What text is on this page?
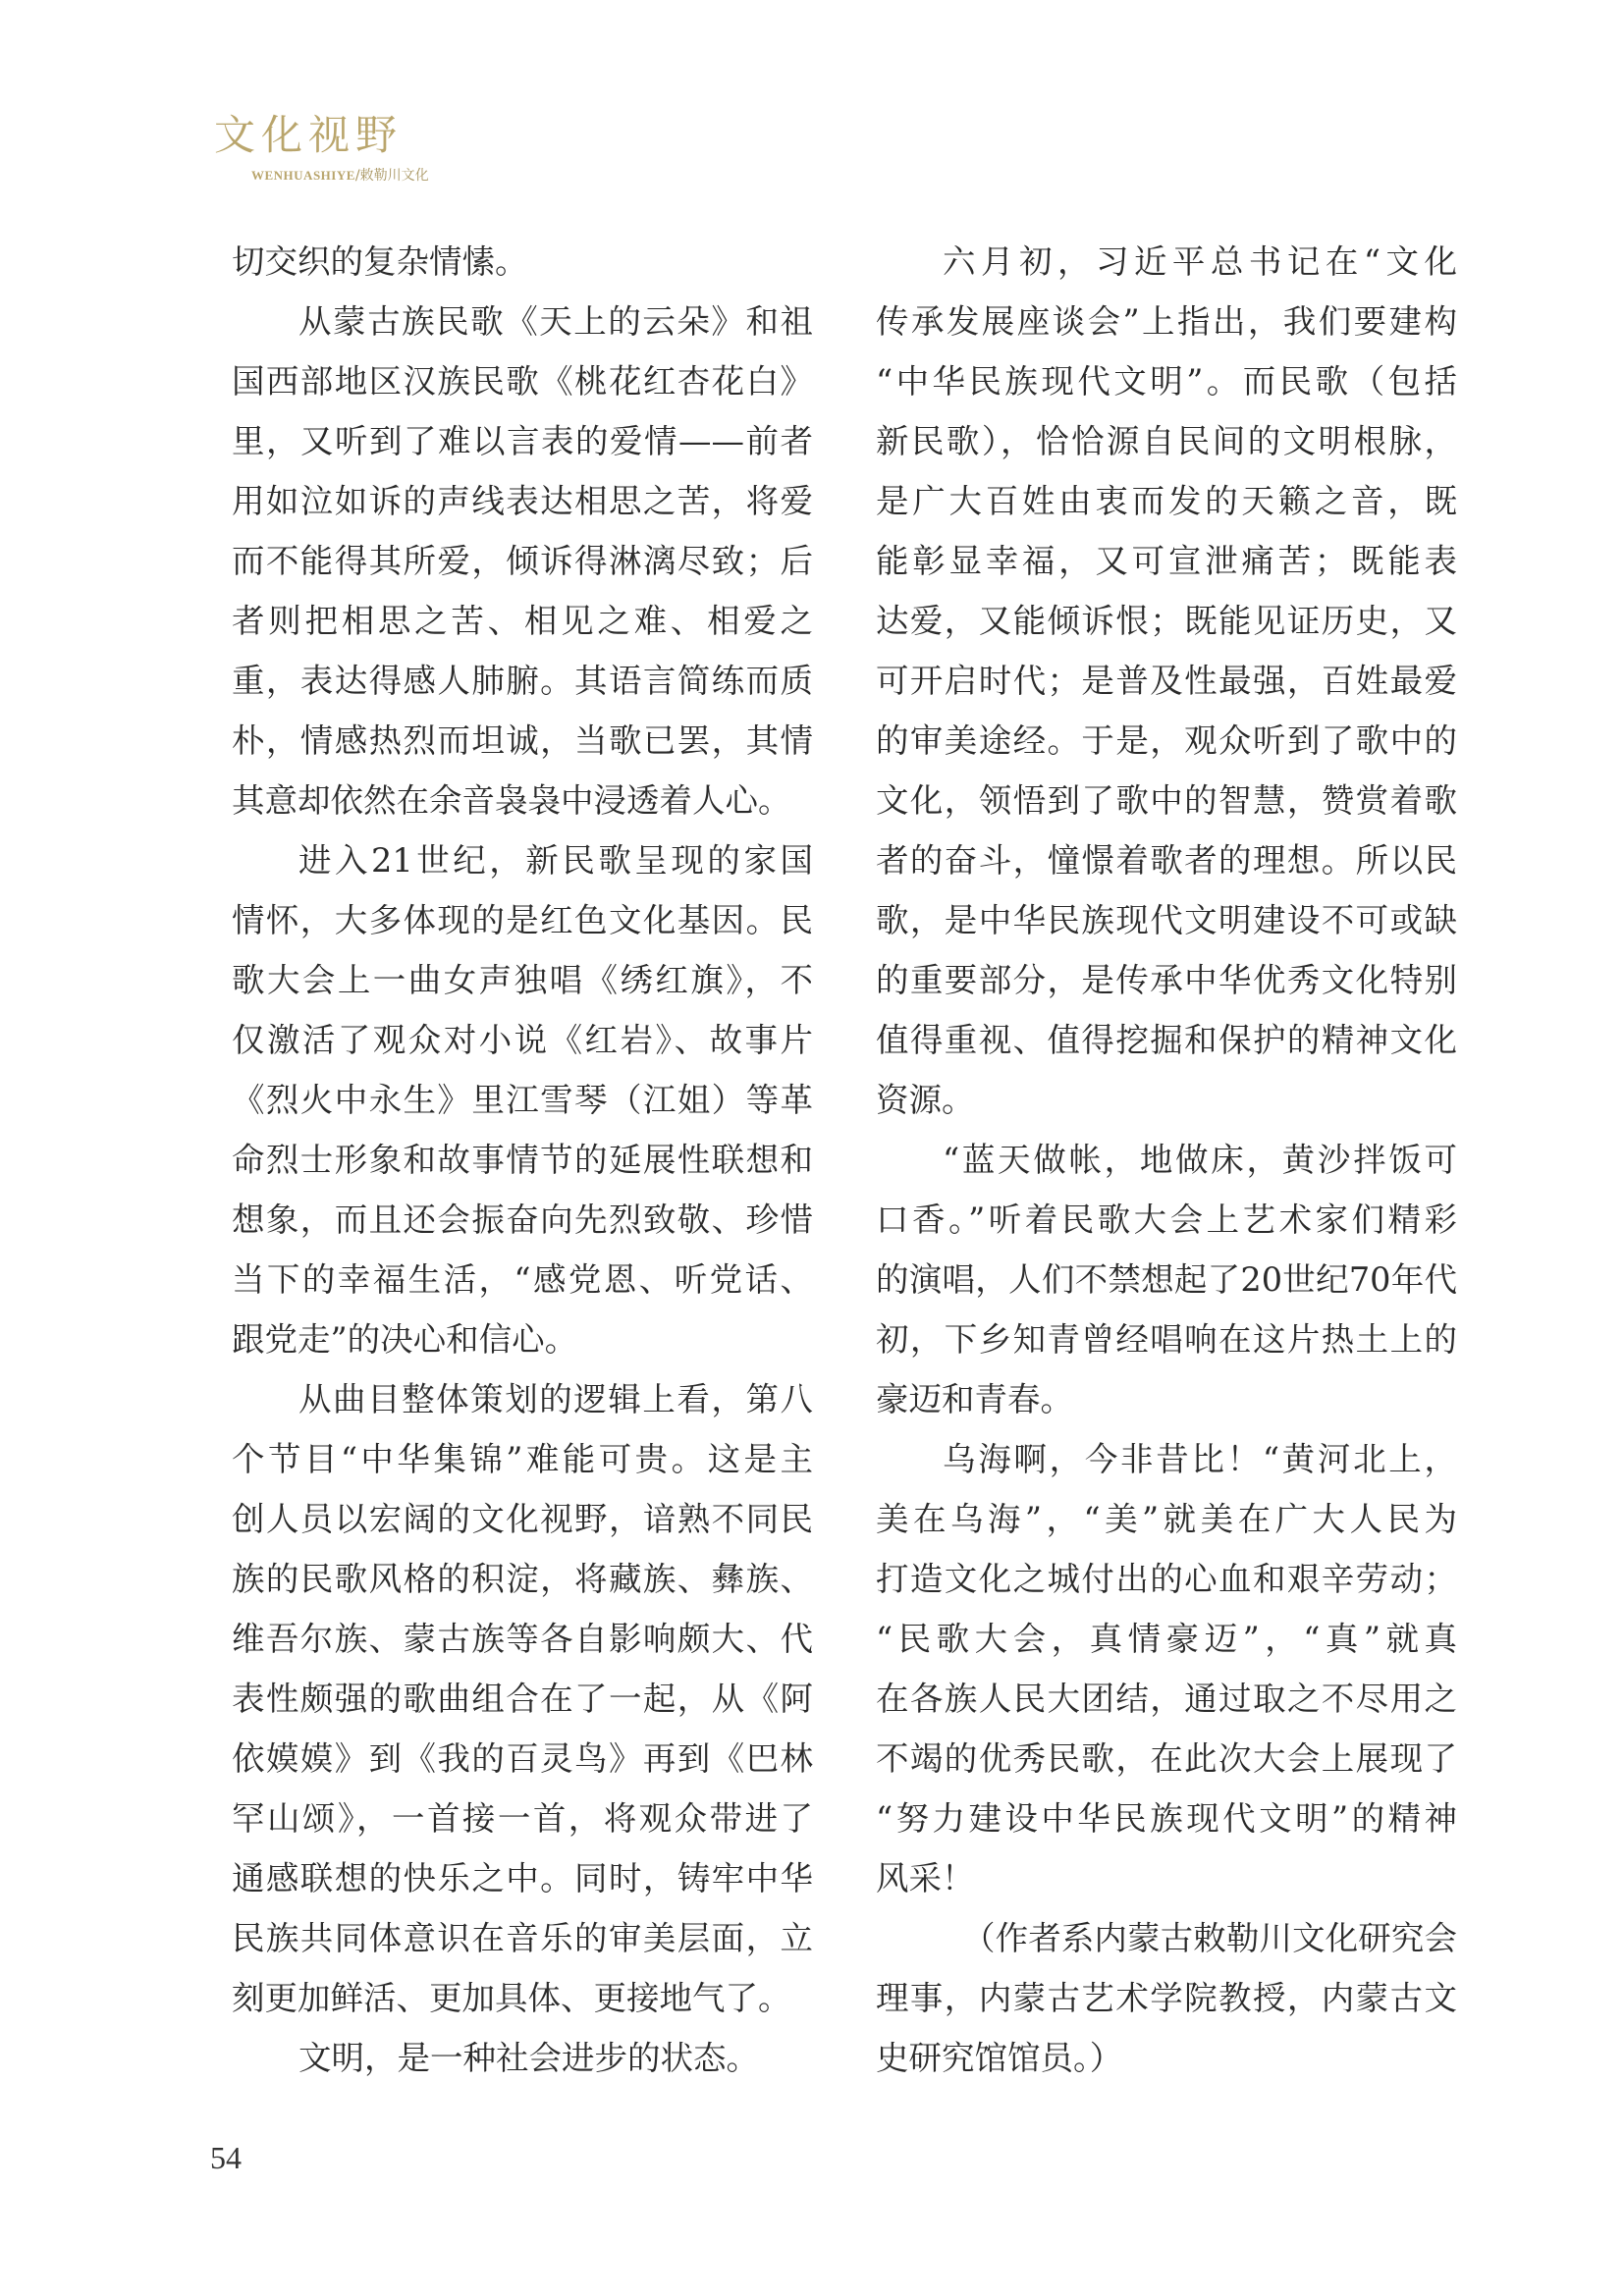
文化视野
WENHUASHIYE/敕勒川文化
切交织的复杂情愫。
从蒙古族民歌《天上的云朵》和祖
国西部地区汉族民歌《桃花红杏花白》
里，又听到了难以言表的爱情——前者
用如泣如诉的声线表达相思之苦，将爱
而不能得其所爱，倾诉得淋漓尽致；后
者则把相思之苦、相见之难、相爱之
重，表达得感人肺腑。其语言简练而质
朴，情感热烈而坦诚，当歌已罢，其情
其意却依然在余音袅袅中浸透着人心。
进入21世纪，新民歌呈现的家国
情怀，大多体现的是红色文化基因。民
歌大会上一曲女声独唱《绣红旗》，不
仅激活了观众对小说《红岩》、故事片
《烈火中永生》里江雪琴（江姐）等革
命烈士形象和故事情节的延展性联想和
想象，而且还会振奋向先烈致敬、珍惜
当下的幸福生活，“感党恩、听党话、
跟党走”的决心和信心。
从曲目整体策划的逻辑上看，第八
个节目“中华集锦”难能可贵。这是主
创人员以宏阔的文化视野，谙熟不同民
族的民歌风格的积淀，将藏族、彝族、
维吾尔族、蒙古族等各自影响颇大、代
表性颇强的歌曲组合在了一起，从《阿
依嫫嫫》到《我的百灵鸟》再到《巴林
罕山颂》，一首接一首，将观众带进了
通感联想的快乐之中。同时，铸牢中华
民族共同体意识在音乐的审美层面，立
刻更加鲜活、更加具体、更接地气了。
文明，是一种社会进步的状态。
六月初，习近平总书记在“文化
传承发展座谈会”上指出，我们要建构
“中华民族现代文明”。而民歌（包括
新民歌），恰恰源自民间的文明根脉，
是广大百姓由衷而发的天籁之音，既
能彰显幸福，又可宣泄痛苦；既能表
达爱，又能倾诉恨；既能见证历史，又
可开启时代；是普及性最强，百姓最爱
的审美途经。于是，观众听到了歌中的
文化，领悟到了歌中的智慧，赞赏着歌
者的奋斗，憧憬着歌者的理想。所以民
歌，是中华民族现代文明建设不可或缺
的重要部分，是传承中华优秀文化特别
值得重视、值得挖掘和保护的精神文化
资源。
“蓝天做帐，地做床，黄沙拌饭可
口香。”听着民歌大会上艺术家们精彩
的演唱，人们不禁想起了20世纪70年代
初，下乡知青曾经唱响在这片热土上的
豪迈和青春。
乌海啊，今非昔比！“黄河北上，
美在乌海”，“美”就美在广大人民为
打造文化之城付出的心血和艰辛劳动；
“民歌大会，真情豪迈”，“真”就真
在各族人民大团结，通过取之不尽用之
不竭的优秀民歌，在此次大会上展现了
“努力建设中华民族现代文明”的精神
风采！
（作者系内蒙古敕勒川文化研究会
理事，内蒙古艺术学院教授，内蒙古文
史研究馆馆员。）
54
